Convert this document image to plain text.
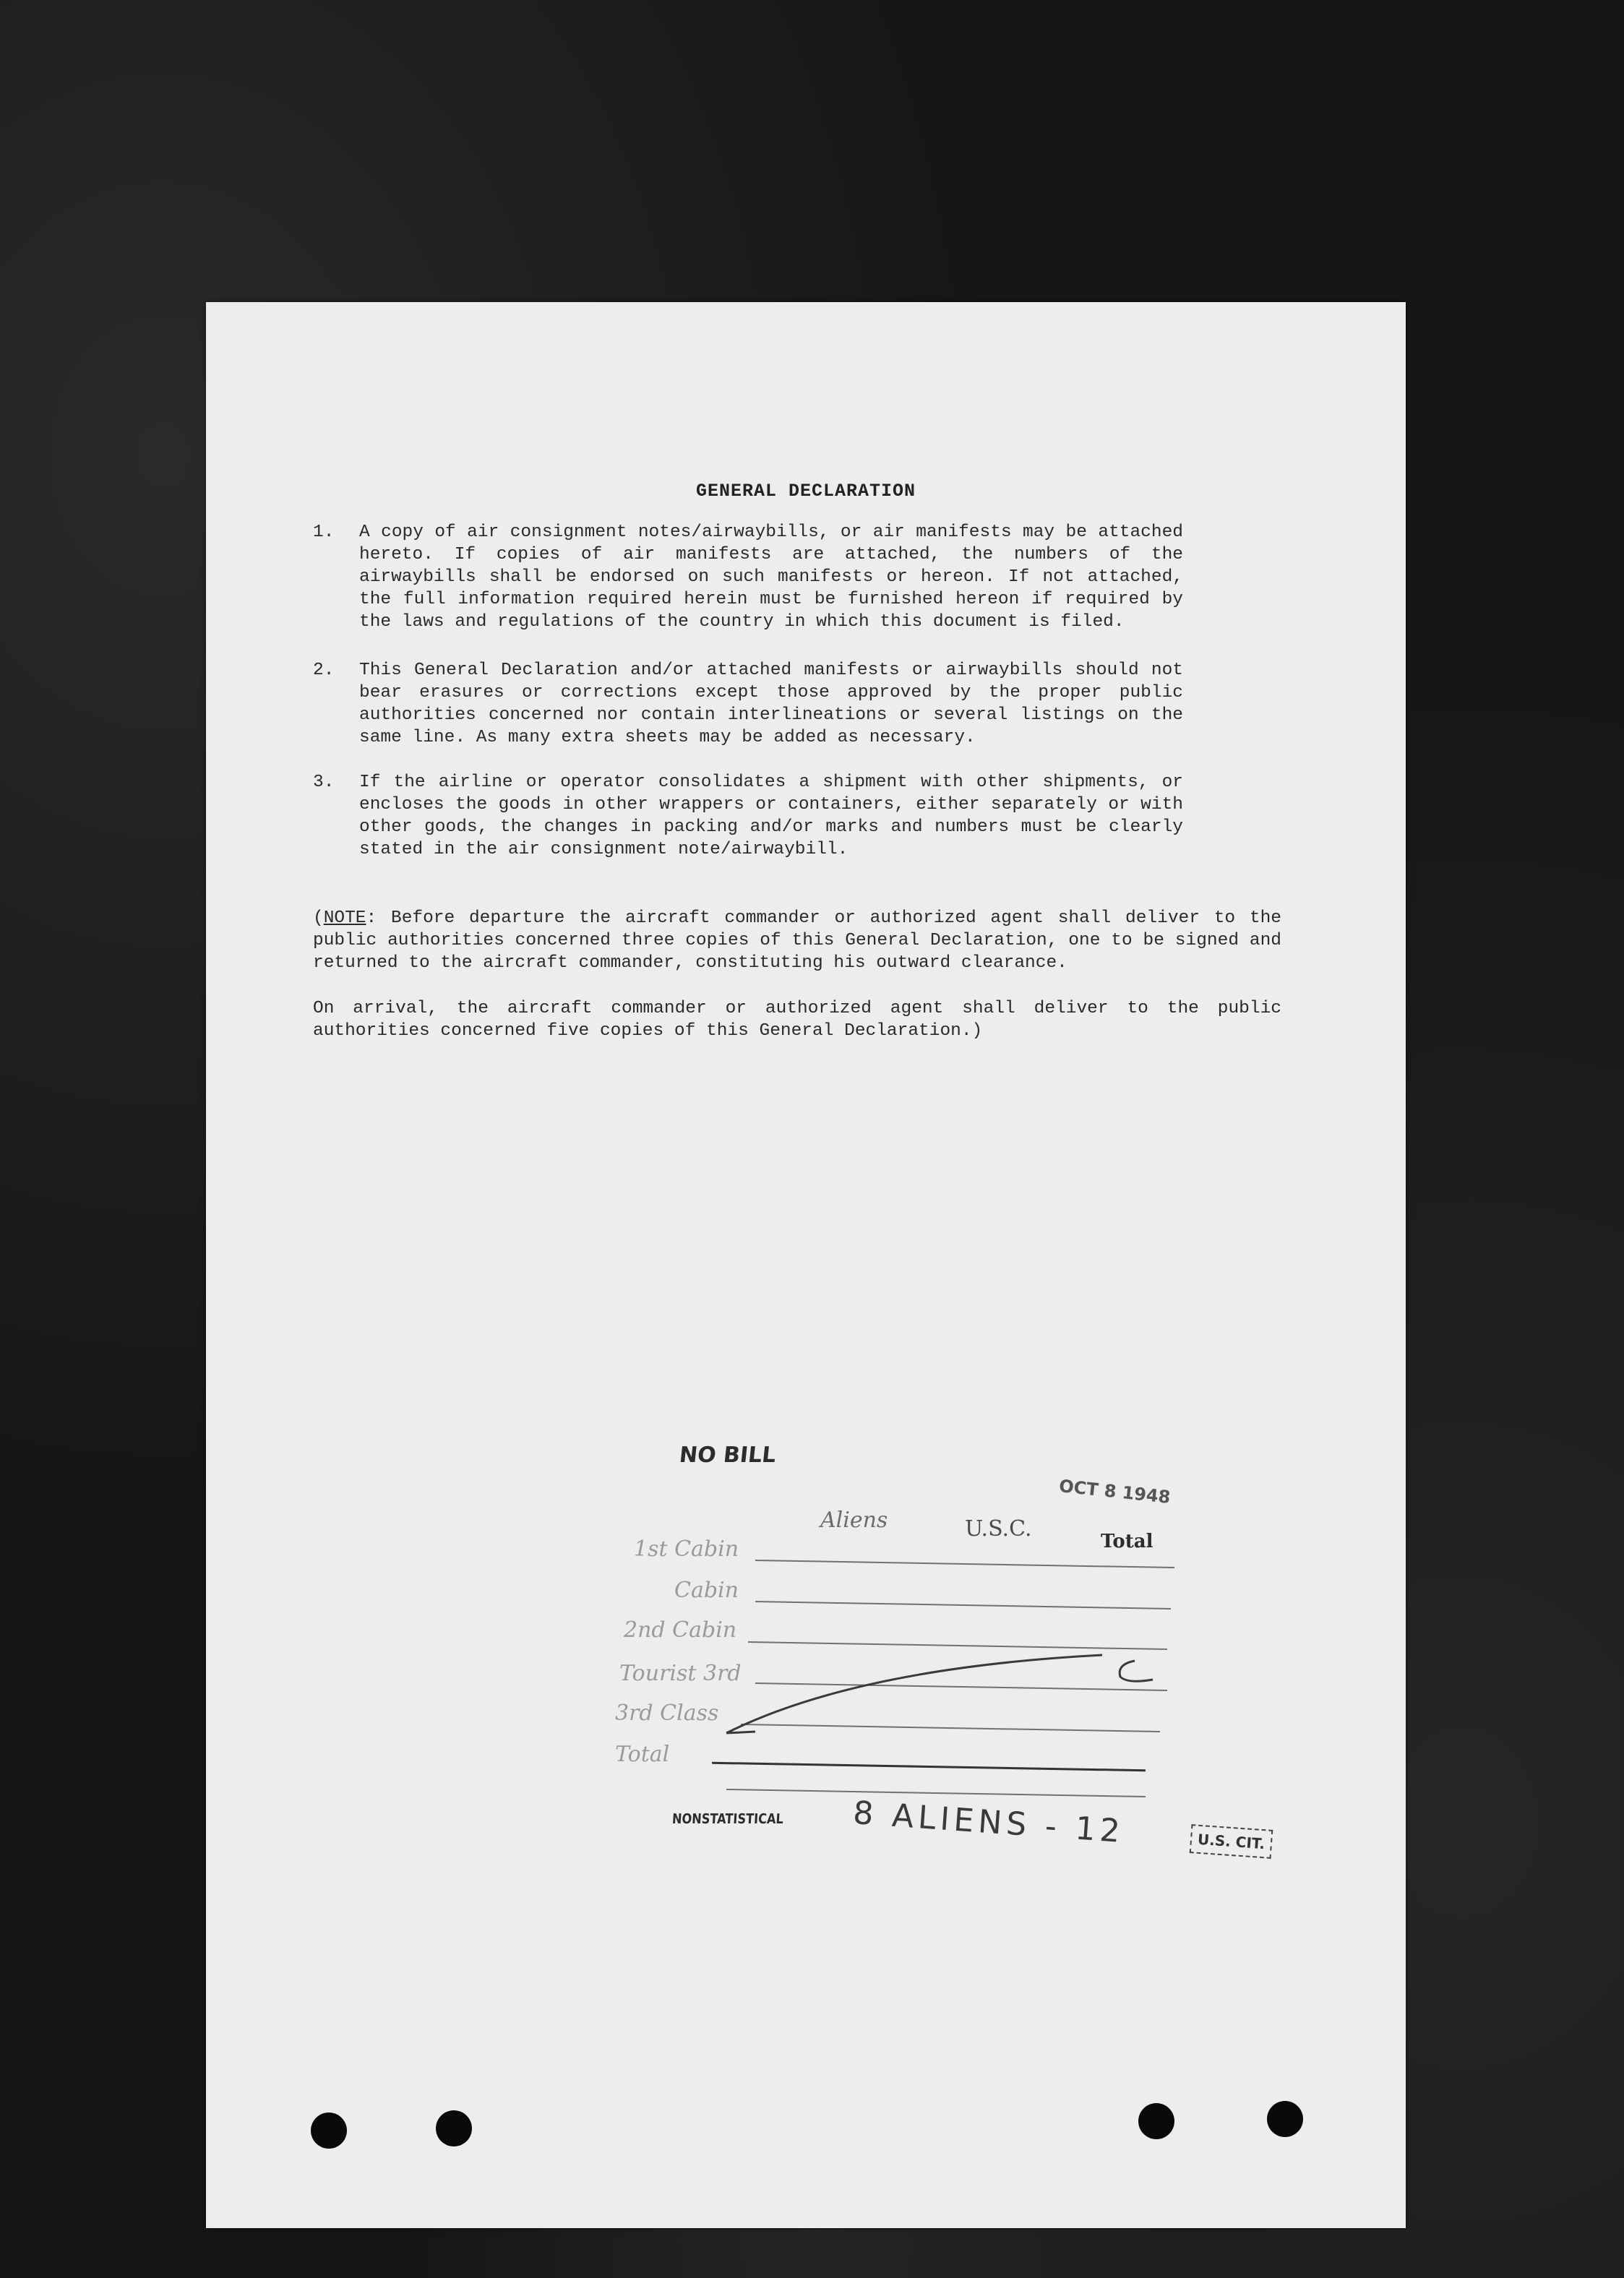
GENERAL DECLARATION
1.	A copy of air consignment notes/airwaybills, or air manifests may be attached hereto. If copies of air manifests are attached, the numbers of the airwaybills shall be endorsed on such manifests or hereon. If not attached, the full information required herein must be furnished hereon if required by the laws and regulations of the country in which this document is filed.
2.	This General Declaration and/or attached manifests or airwaybills should not bear erasures or corrections except those approved by the proper public authorities concerned nor contain interlineations or several listings on the same line. As many extra sheets may be added as necessary.
3.	If the airline or operator consolidates a shipment with other shipments, or encloses the goods in other wrappers or containers, either separately or with other goods, the changes in packing and/or marks and numbers must be clearly stated in the air consignment note/airwaybill.
(NOTE: Before departure the aircraft commander or authorized agent shall deliver to the public authorities concerned three copies of this General Declaration, one to be signed and returned to the aircraft commander, constituting his outward clearance.
On arrival, the aircraft commander or authorized agent shall deliver to the public authorities concerned five copies of this General Declaration.)
NO BILL
OCT 8 1948
Aliens	U.S.C.	Total
1st Cabin
Cabin
2nd Cabin
Tourist 3rd
3rd Class
Total
NONSTATISTICAL 8 ALIENS - 12	U.S. CIT.
